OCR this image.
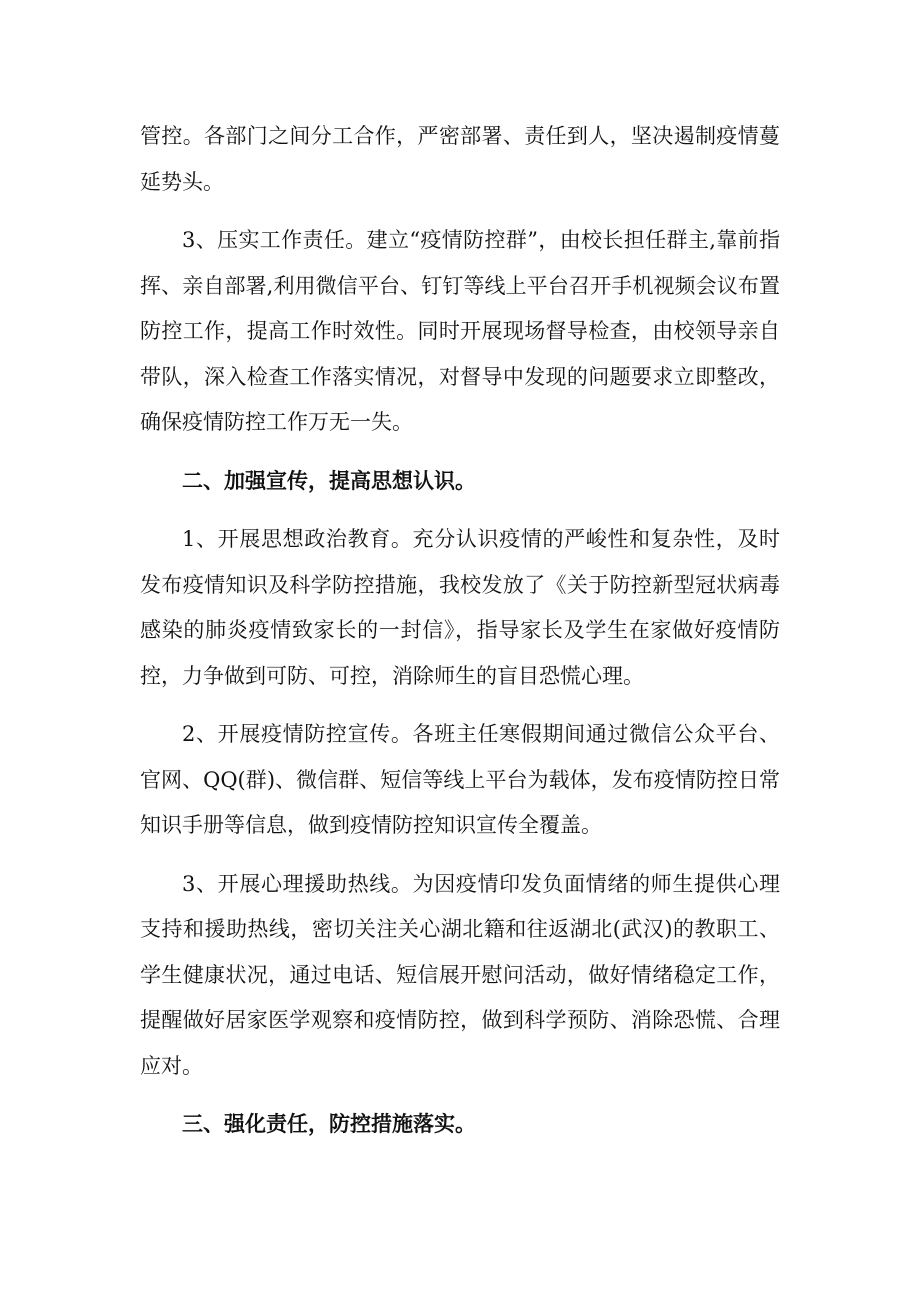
管控。各部门之间分工合作，严密部署、责任到人，坚决遏制疫情蔓延势头。

3、压实工作责任。建立“疫情防控群”，由校长担任群主,靠前指挥、亲自部署,利用微信平台、钉钉等线上平台召开手机视频会议布置防控工作，提高工作时效性。同时开展现场督导检查，由校领导亲自带队，深入检查工作落实情况，对督导中发现的问题要求立即整改，确保疫情防控工作万无一失。

二、加强宣传，提高思想认识。

1、开展思想政治教育。充分认识疫情的严峻性和复杂性，及时发布疫情知识及科学防控措施，我校发放了《关于防控新型冠状病毒感染的肺炎疫情致家长的一封信》，指导家长及学生在家做好疫情防控，力争做到可防、可控，消除师生的盲目恐慌心理。

2、开展疫情防控宣传。各班主任寒假期间通过微信公众平台、官网、QQ(群)、微信群、短信等线上平台为载体，发布疫情防控日常知识手册等信息，做到疫情防控知识宣传全覆盖。

3、开展心理援助热线。为因疫情印发负面情绪的师生提供心理支持和援助热线，密切关注关心湖北籍和往返湖北(武汉)的教职工、学生健康状况，通过电话、短信展开慰问活动，做好情绪稳定工作，提醒做好居家医学观察和疫情防控，做到科学预防、消除恐慌、合理应对。

三、强化责任，防控措施落实。
